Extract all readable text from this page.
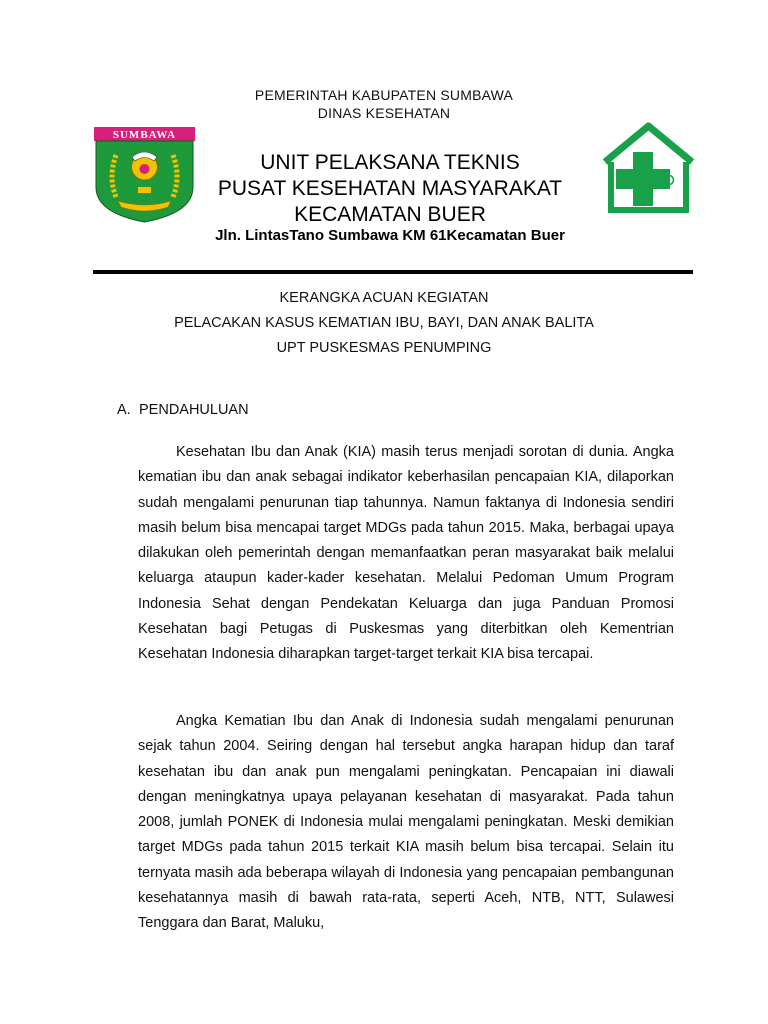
SUMBAWA
PEMERINTAH KABUPATEN SUMBAWA
DINAS KESEHATAN
UNIT PELAKSANA TEKNIS
PUSAT KESEHATAN MASYARAKAT
KECAMATAN BUER
Jln. LintasTano Sumbawa KM 61Kecamatan Buer
KERANGKA ACUAN KEGIATAN
PELACAKAN KASUS KEMATIAN IBU, BAYI, DAN ANAK BALITA
UPT PUSKESMAS PENUMPING
A. PENDAHULUAN

Kesehatan Ibu dan Anak (KIA) masih terus menjadi sorotan di dunia. Angka kematian ibu dan anak sebagai indikator keberhasilan pencapaian KIA, dilaporkan sudah mengalami penurunan tiap tahunnya. Namun faktanya di Indonesia sendiri masih belum bisa mencapai target MDGs pada tahun 2015. Maka, berbagai upaya dilakukan oleh pemerintah dengan memanfaatkan peran masyarakat baik melalui keluarga ataupun kader-kader kesehatan. Melalui Pedoman Umum Program Indonesia Sehat dengan Pendekatan Keluarga dan juga Panduan Promosi Kesehatan bagi Petugas di Puskesmas yang diterbitkan oleh Kementrian Kesehatan Indonesia diharapkan target-target terkait KIA bisa tercapai.

Angka Kematian Ibu dan Anak di Indonesia sudah mengalami penurunan sejak tahun 2004. Seiring dengan hal tersebut angka harapan hidup dan taraf kesehatan ibu dan anak pun mengalami peningkatan. Pencapaian ini diawali dengan meningkatnya upaya pelayanan kesehatan di masyarakat. Pada tahun 2008, jumlah PONEK di Indonesia mulai mengalami peningkatan. Meski demikian target MDGs pada tahun 2015 terkait KIA masih belum bisa tercapai. Selain itu ternyata masih ada beberapa wilayah di Indonesia yang pencapaian pembangunan kesehatannya masih di bawah rata-rata, seperti Aceh, NTB, NTT, Sulawesi Tenggara dan Barat, Maluku,
